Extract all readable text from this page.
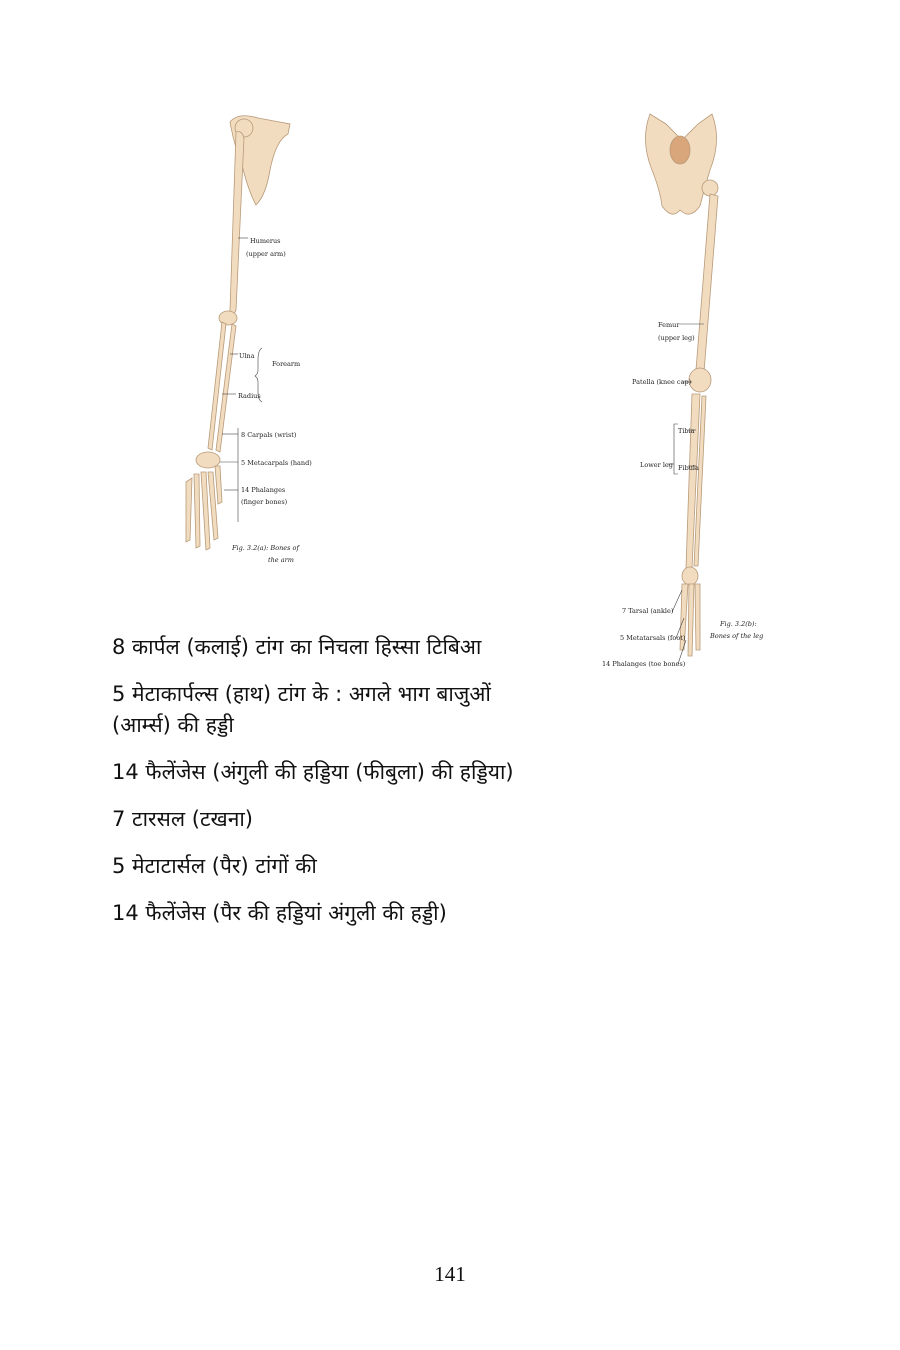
Humerus
(upper arm)
Ulna
Radius
Forearm
8 Carpals (wrist)
5 Metacarpals (hand)
14 Phalanges
(finger bones)
Fig. 3.2(a): Bones of
the arm
Femur
(upper leg)
Patella (knee cap)
Tibia
Lower leg Fibula
7 Tarsal (ankle)
5 Metatarsals (foot)
14 Phalanges (toe bones)
Fig. 3.2(b):
Bones of the leg
8 कार्पल (कलाई) टांग का निचला हिस्सा टिबिआ
5 मेटाकार्पल्स (हाथ) टांग के : अगले भाग बाजुओं
(आर्म्स) की हड्डी
14 फैलेंजेस (अंगुली की हड्डिया (फीबुला) की हड्डिया)
7 टारसल (टखना)
5 मेटाटार्सल (पैर) टांगों की
14 फैलेंजेस (पैर की हड्डियां अंगुली की हड्डी)
141
